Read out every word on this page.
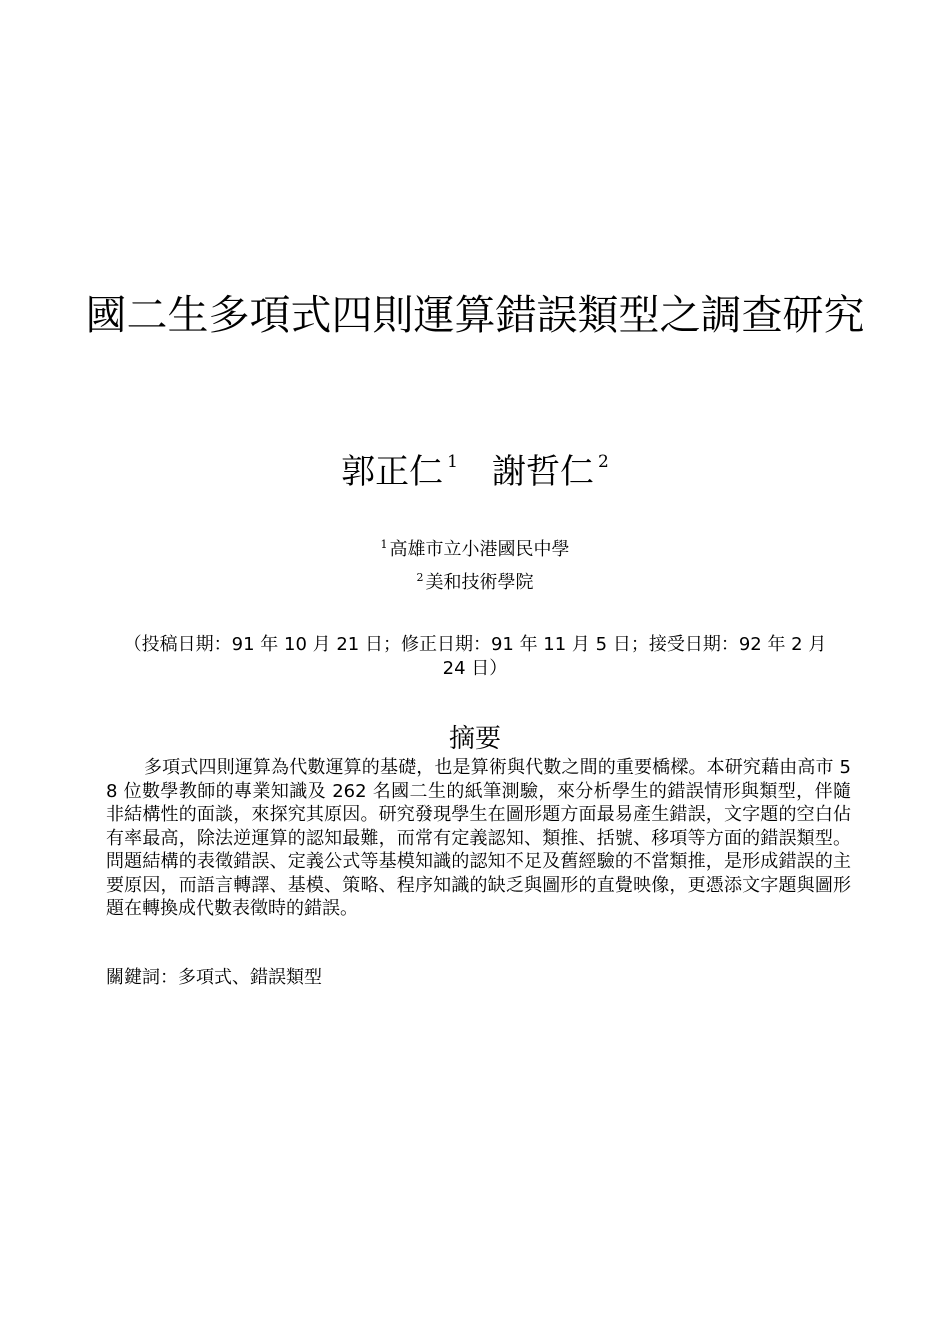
國二生多項式四則運算錯誤類型之調查研究
郭正仁 $^1$ 謝哲仁 $^2$

$^1$ 高雄市立小港國民中學

$^2$ 美和技術學院

（投稿日期：91 年 10 月 21 日；修正日期：91 年 11 月 5 日；接受日期：92 年 2 月 24 日）

摘要

多項式四則運算為代數運算的基礎，也是算術與代數之間的重要橋樑。本研究藉由高市 58 位數學教師的專業知識及 262 名國二生的紙筆測驗，來分析學生的錯誤情形與類型，伴隨非結構性的面談，來探究其原因。研究發現學生在圖形題方面最易產生錯誤，文字題的空白佔有率最高，除法逆運算的認知最難，而常有定義認知、類推、括號、移項等方面的錯誤類型。問題結構的表徵錯誤、定義公式等基模知識的認知不足及舊經驗的不當類推，是形成錯誤的主要原因，而語言轉譯、基模、策略、程序知識的缺乏與圖形的直覺映像，更憑添文字題與圖形題在轉換成代數表徵時的錯誤。

關鍵詞：多項式、錯誤類型
